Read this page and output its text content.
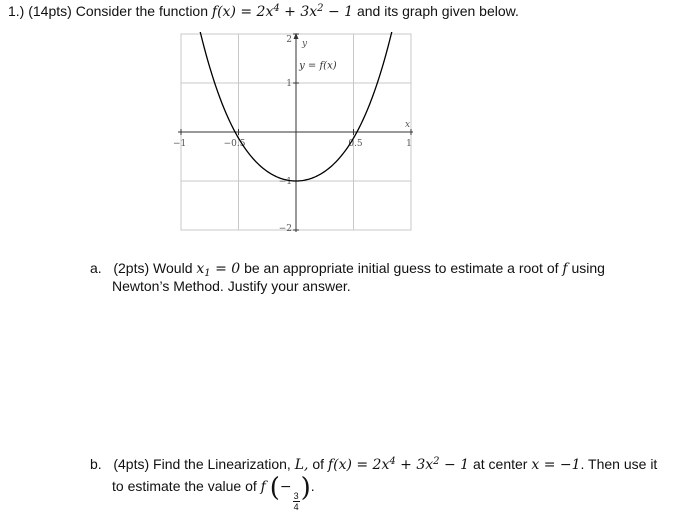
1.) (14pts) Consider the function $f(x) = 2x^4 + 3x^2 - 1$ and its graph given below.
−1	−0.5	0.5	1
−2
−1
1
2
x
y
y = f(x)
a. (2pts) Would $x_1 = 0$ be an appropriate initial guess to estimate a root of f using
Newton’s Method. Justify your answer.
b. (4pts) Find the Linearization, L, of $f(x) = 2x^4 + 3x^2 - 1$ at center x = −1. Then use it
to estimate the value of f (−
$\frac{3}{4}$ ).
